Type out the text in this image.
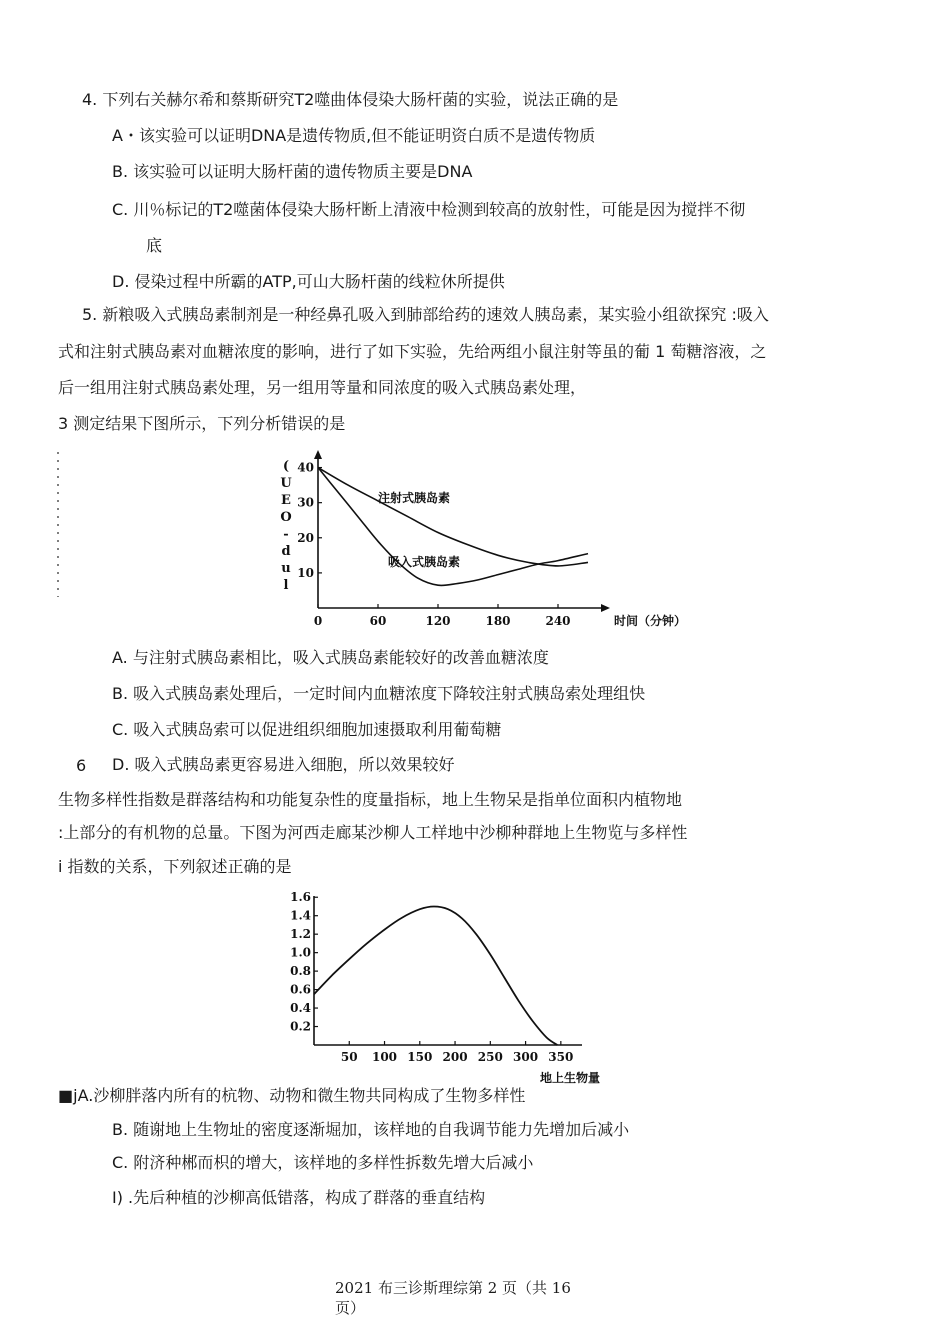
4. 下列右关赫尔希和蔡斯研究T2噬曲体侵染大肠杆菌的实验，说法正确的是
A・该实验可以证明DNA是遗传物质,但不能证明资白质不是遗传物质
B. 该实验可以证明大肠杆菌的遗传物质主要是DNA
C. 川％标记的T2噬菌体侵染大肠杆断上清液中检测到较高的放射性，可能是因为搅拌不彻
底
D. 侵染过程中所霸的ATP,可山大肠杆菌的线粒休所提供
5. 新粮吸入式胰岛素制剂是一种经鼻孔吸入到肺部给药的速效人胰岛素，某实验小组欲探究 :吸入
式和注射式胰岛素对血糖浓度的影响，进行了如下实验，先给两组小鼠注射等虽的葡 1 萄糖溶液，之
后一组用注射式胰岛素处理，另一组用等量和同浓度的吸入式胰岛素处理，
3 测定结果下图所示，下列分析错误的是
0	60	120	180	240
10
20
30
40
(
U
E
O
-
d
u
l
时间（分钟）
注射式胰岛素
吸入式胰岛素
A. 与注射式胰岛素相比，吸入式胰岛素能较好的改善血糖浓度
B. 吸入式胰岛素处理后，一定时间内血糖浓度下降较注射式胰岛索处理组快
C. 吸入式胰岛索可以促进组织细胞加速摄取利用葡萄糖
6 D. 吸入式胰岛素更容易进入细胞，所以效果较好
生物多样性指数是群落结构和功能复杂性的度量指标，地上生物呆是指单位面积内植物地
:上部分的有机物的总量。下图为河西走廊某沙柳人工样地中沙柳种群地上生物览与多样性
i 指数的关系，下列叙述正确的是
50 100 150 200 250 300 350
0.2
0.4
0.6
0.8
1.0
1.2
1.4
1.6
地上生物量
■jA.沙柳胖落内所有的杭物、动物和微生物共同构成了生物多样性
B. 随谢地上生物址的密度逐渐堀加，该样地的自我调节能力先增加后减小
C. 附济种郴而枳的增大，该样地的多样性拆数先增大后减小
I) .先后种植的沙柳高低错落，构成了群落的垂直结构
2021 布三诊斯理综第 2 页（共 16
页）
